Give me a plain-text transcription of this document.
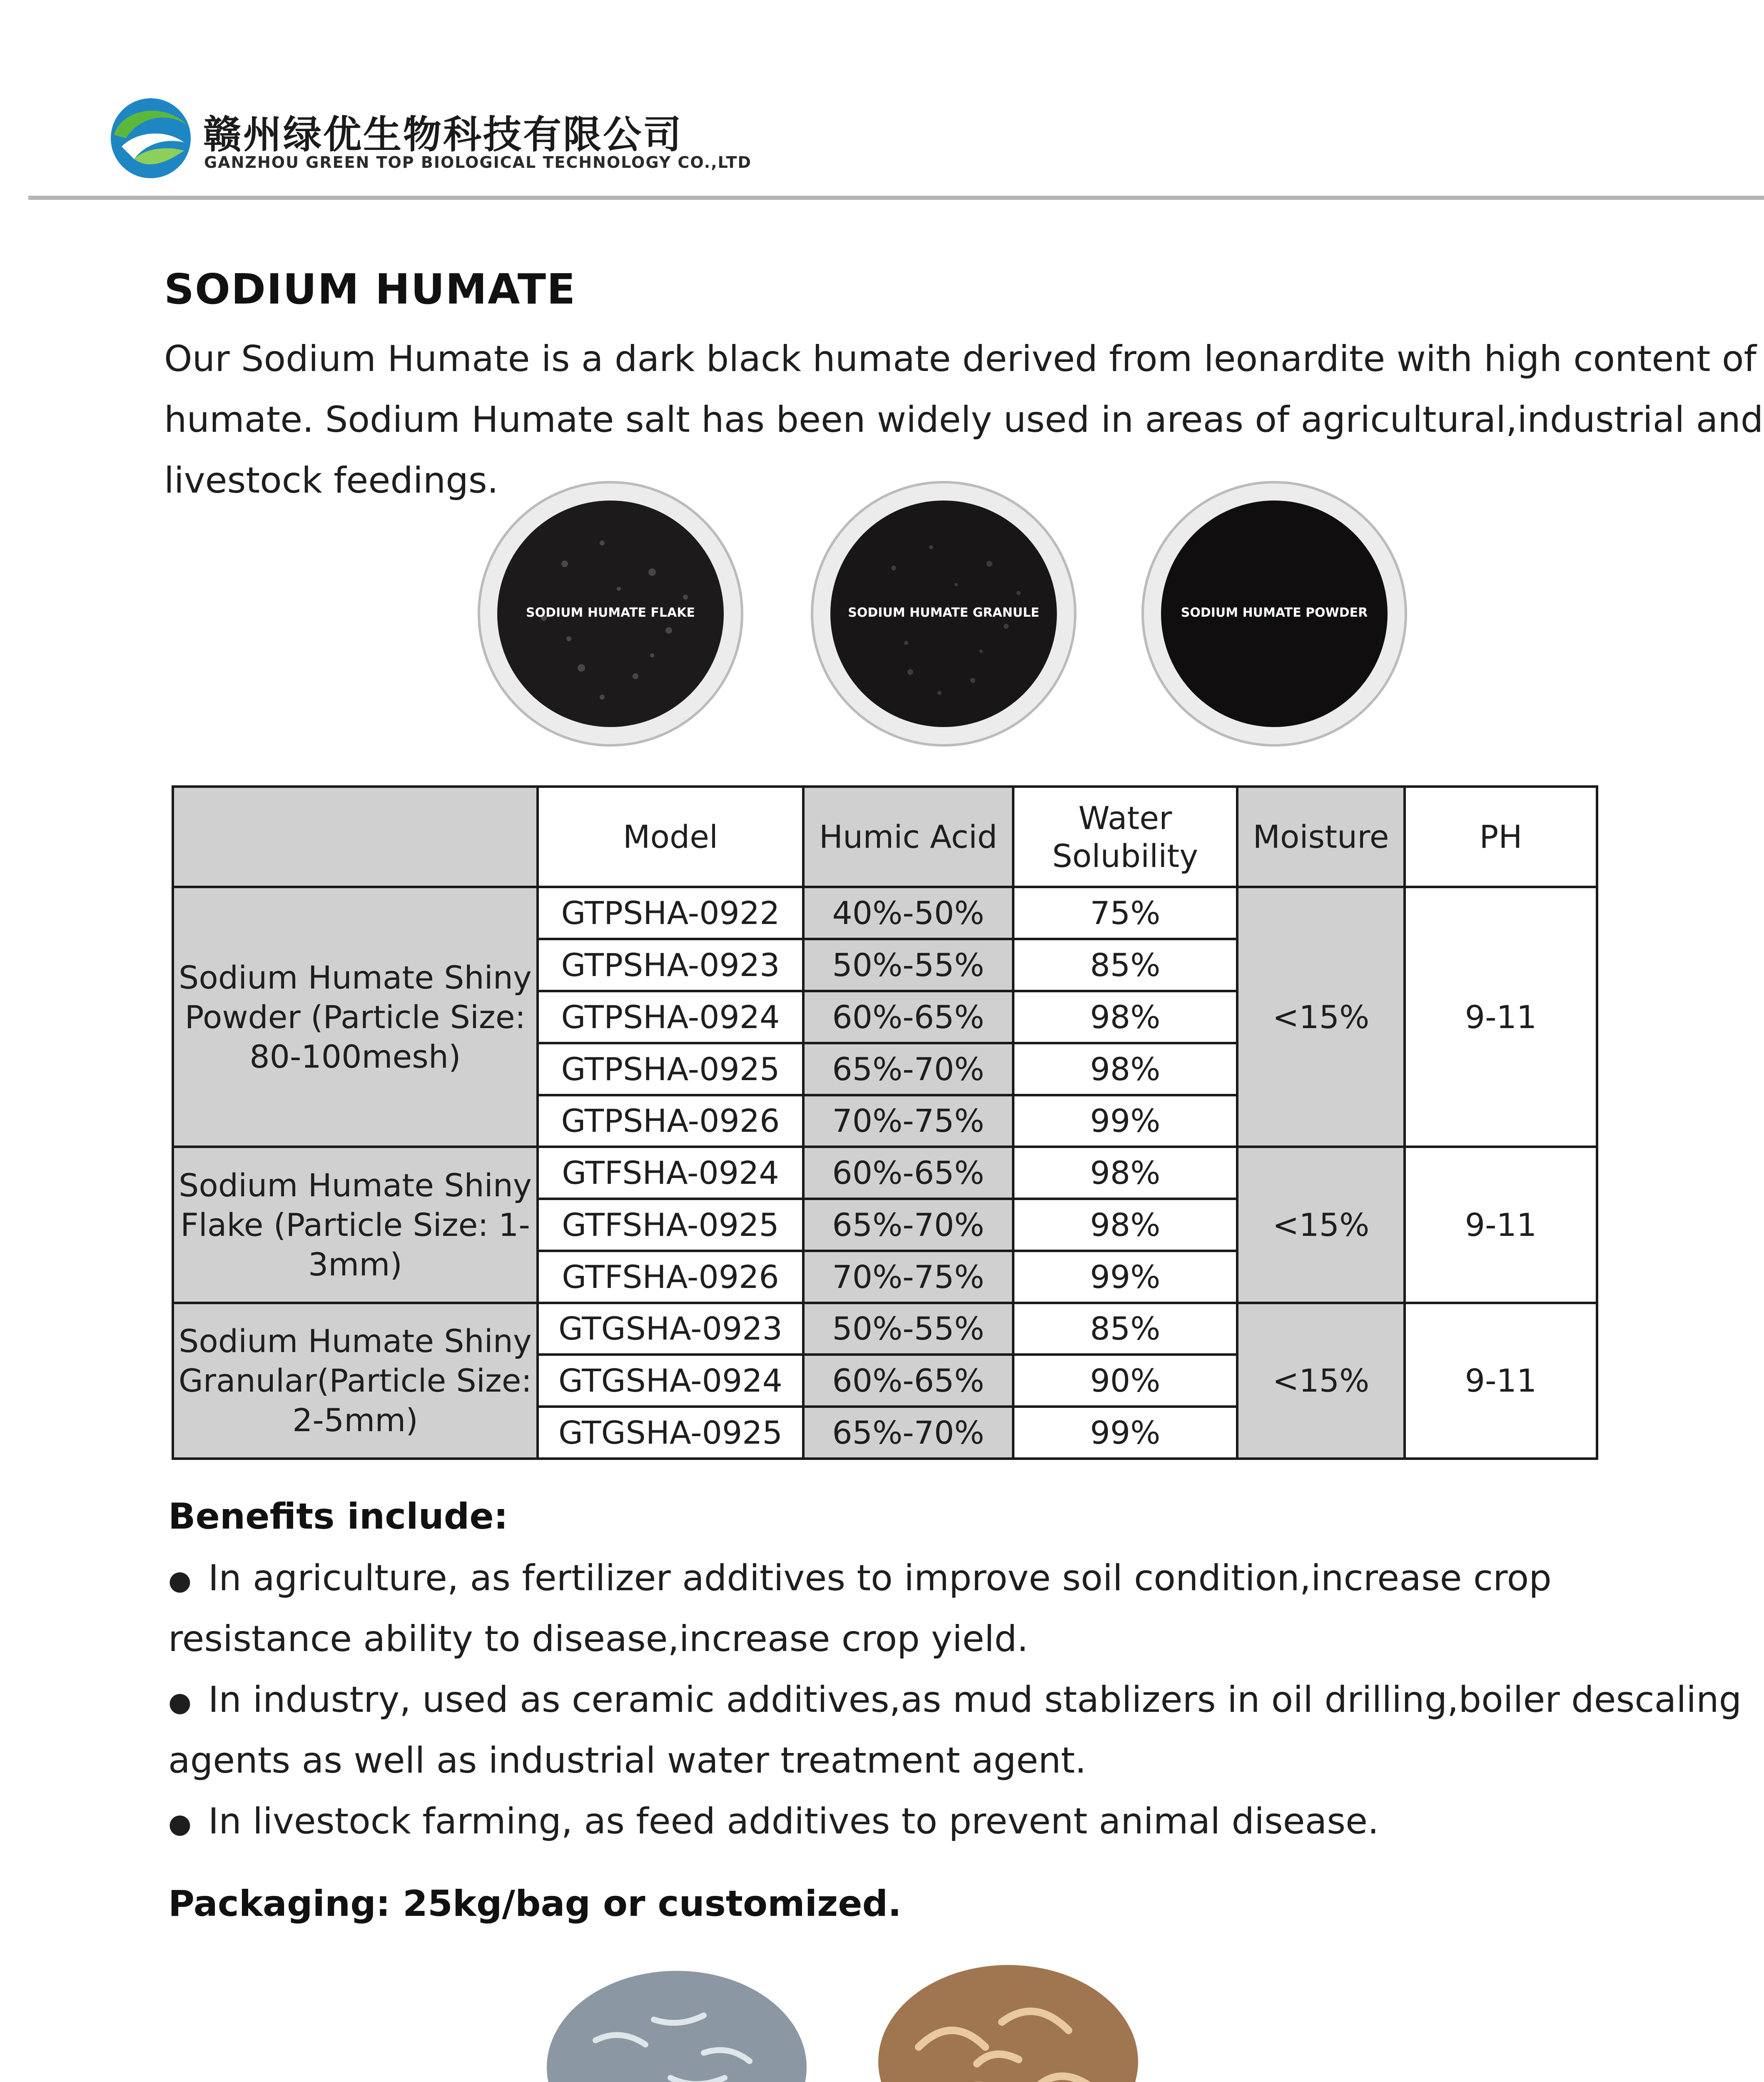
赣州绿优生物科技有限公司
GANZHOU GREEN TOP BIOLOGICAL TECHNOLOGY CO.,LTD
SODIUM HUMATE
Our Sodium Humate is a dark black humate derived from leonardite with high content of
humate. Sodium Humate salt has been widely used in areas of agricultural,industrial and
livestock feedings.
SODIUM HUMATE FLAKE	SODIUM HUMATE GRANULE	SODIUM HUMATE POWDER
	Model	Humic Acid	Water Solubility	Moisture	PH
Sodium Humate Shiny Powder (Particle Size: 80-100mesh)	GTPSHA-0922	40%-50%	75%	<15%	9-11
	GTPSHA-0923	50%-55%	85%		
	GTPSHA-0924	60%-65%	98%		
	GTPSHA-0925	65%-70%	98%		
	GTPSHA-0926	70%-75%	99%		
Sodium Humate Shiny Flake (Particle Size: 1-3mm)	GTFSHA-0924	60%-65%	98%	<15%	9-11
	GTFSHA-0925	65%-70%	98%		
	GTFSHA-0926	70%-75%	99%		
Sodium Humate Shiny Granular(Particle Size: 2-5mm)	GTGSHA-0923	50%-55%	85%	<15%	9-11
	GTGSHA-0924	60%-65%	90%		
	GTGSHA-0925	65%-70%	99%		
Benefits include:
● In agriculture, as fertilizer additives to improve soil condition,increase crop
resistance ability to disease,increase crop yield.
● In industry, used as ceramic additives,as mud stablizers in oil drilling,boiler descaling
agents as well as industrial water treatment agent.
● In livestock farming, as feed additives to prevent animal disease.
Packaging: 25kg/bag or customized.
